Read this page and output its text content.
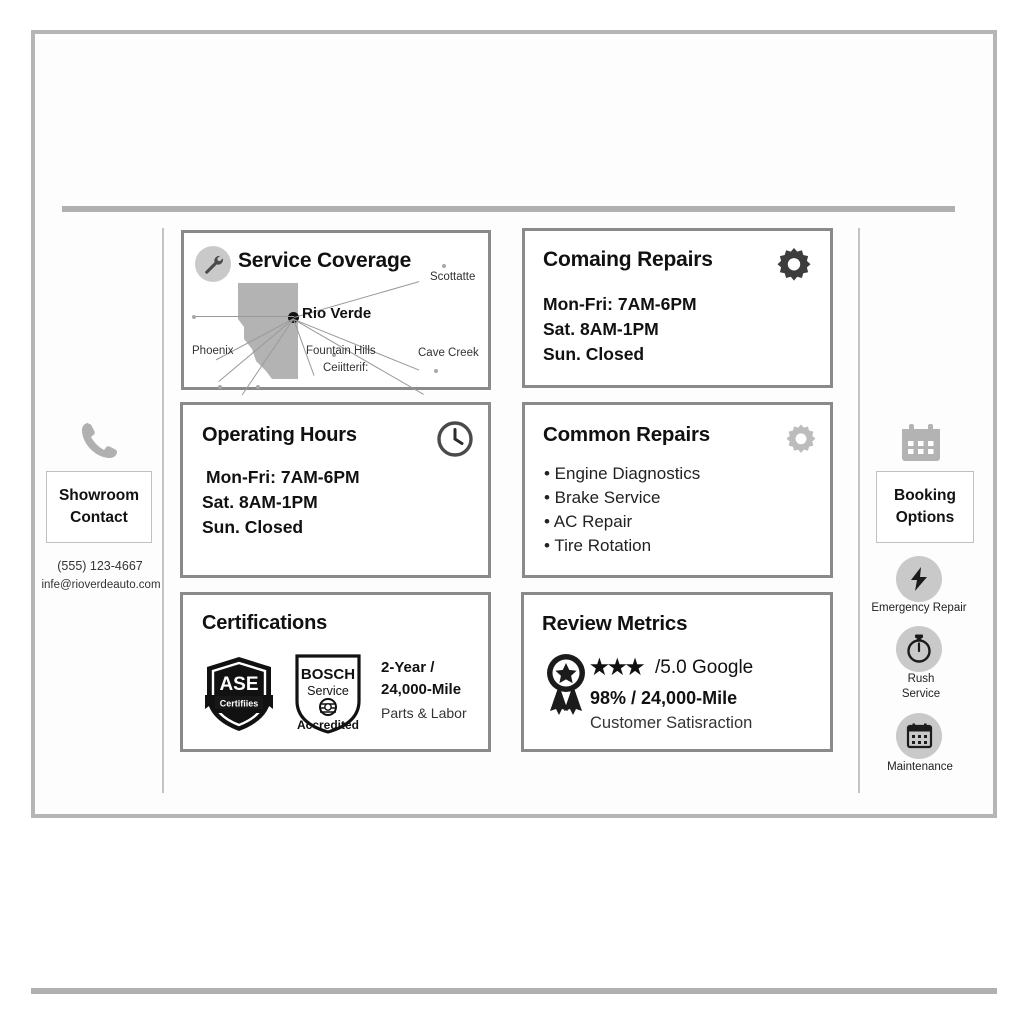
Service Coverage
Rio Verde
Scottatte
Phoenix	Fountain Hills	Cave Creek
Ceiitterif:
Comaing Repairs
Mon-Fri: 7AM-6PM
Sat. 8AM-1PM
Sun. Closed
Operating Hours
Mon-Fri: 7AM-6PM
Sat. 8AM-1PM
Sun. Closed
Common Repairs
• Engine Diagnostics
• Brake Service
• AC Repair
• Tire Rotation
Certifications
ASE
Certifiies
BOSCH
Service
Accredited
2-Year /
24,000-Mile
Parts & Labor
Review Metrics
★★★ /5.0 Google
98% / 24,000-Mile
Customer Satisraction
Showroom
Contact
(555) 123-4667
infe@rioverdeauto.com
Booking
Options
Emergency Repair
Rush
Service
Maintenance
